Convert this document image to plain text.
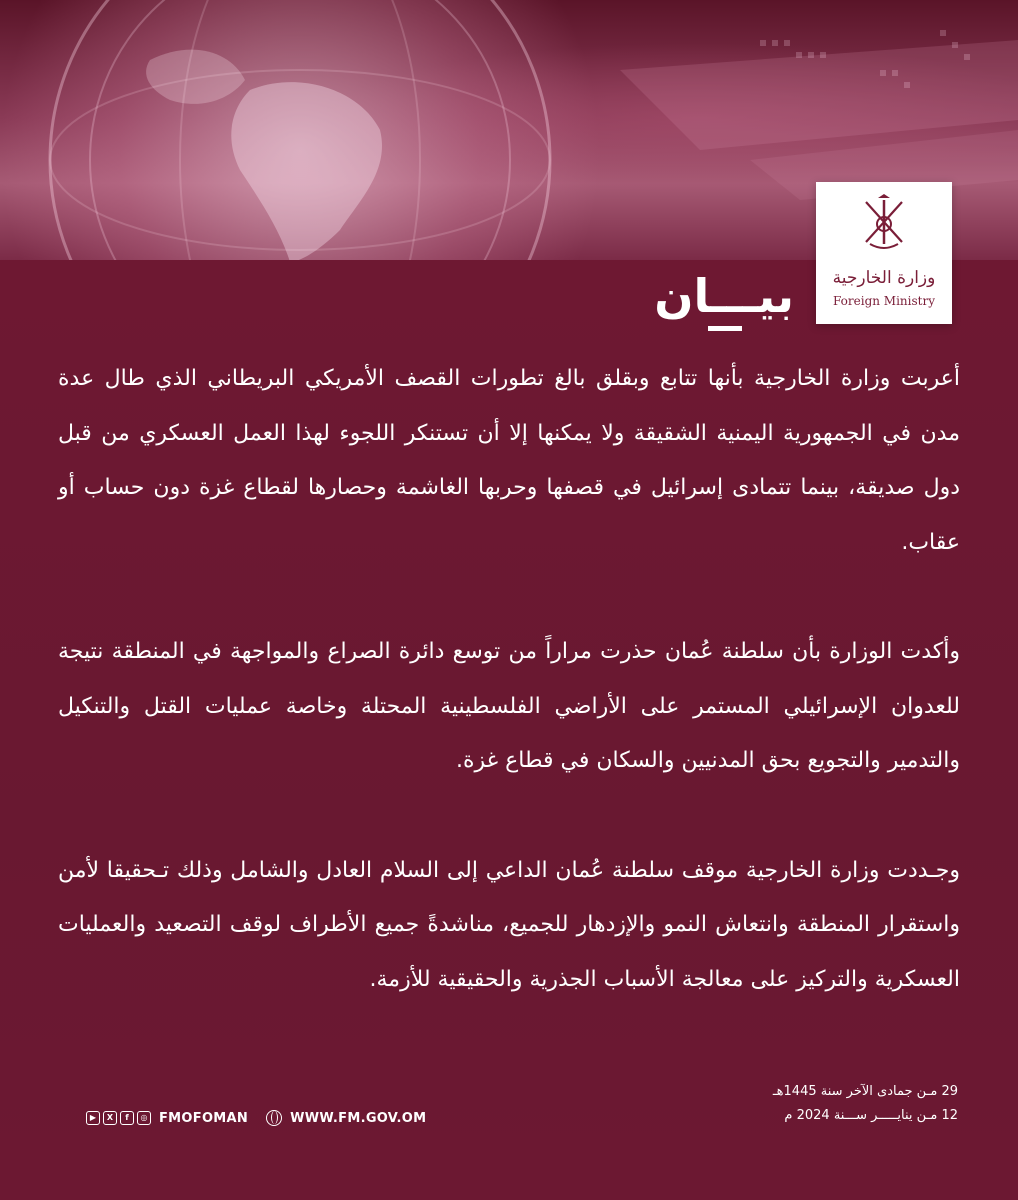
وزارة الخارجية
Foreign Ministry
بيـــان

أعربت وزارة الخارجية بأنها تتابع وبقلق بالغ تطورات القصف الأمريكي البريطاني الذي طال عدة مدن في الجمهورية اليمنية الشقيقة ولا يمكنها إلا أن تستنكر اللجوء لهذا العمل العسكري من قبل دول صديقة، بينما تتمادى إسرائيل في قصفها وحربها الغاشمة وحصارها لقطاع غزة دون حساب أو عقاب.

وأكدت الوزارة بأن سلطنة عُمان حذرت مراراً من توسع دائرة الصراع والمواجهة في المنطقة نتيجة للعدوان الإسرائيلي المستمر على الأراضي الفلسطينية المحتلة وخاصة عمليات القتل والتنكيل والتدمير والتجويع بحق المدنيين والسكان في قطاع غزة.

وجـددت وزارة الخارجية موقف سلطنة عُمان الداعي إلى السلام العادل والشامل وذلك تـحقيقا لأمن واستقرار المنطقة وانتعاش النمو والإزدهار للجميع، مناشدةً جميع الأطراف لوقف التصعيد والعمليات العسكرية والتركيز على معالجة الأسباب الجذرية والحقيقية للأزمة.

29 مـن جمادى الآخر سنة 1445هـ
12 مـن ينايـــــر ســـنة 2024 م
▶	X	f	◎ FMOFOMAN	WWW.FM.GOV.OM
